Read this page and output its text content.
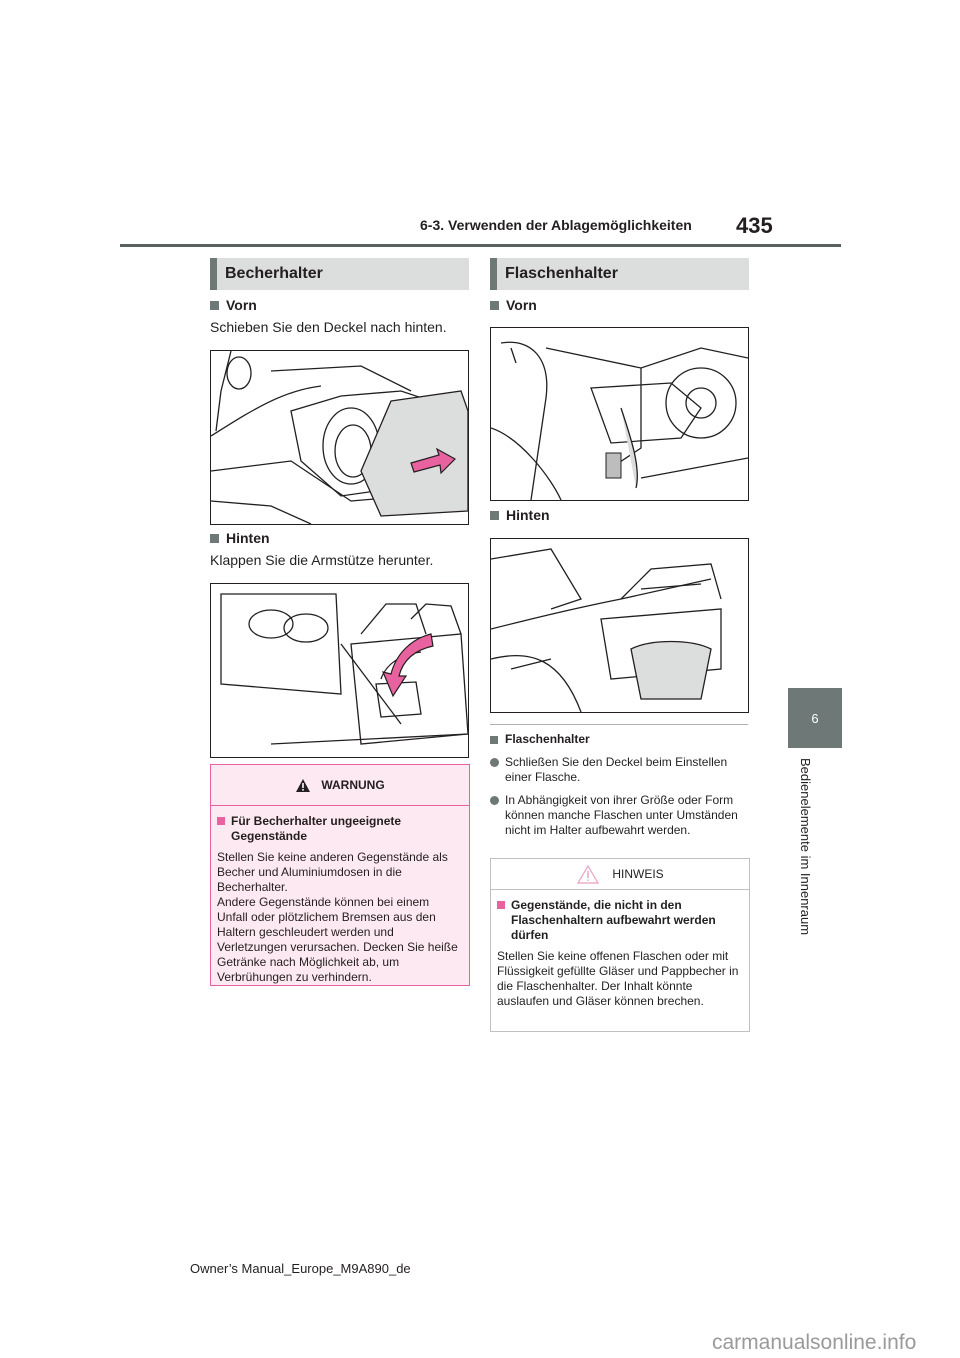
6-3. Verwenden der Ablagemöglichkeiten 435
6
Bedienelemente im Innenraum
Becherhalter
Vorn
Schieben Sie den Deckel nach hinten.
Hinten
Klappen Sie die Armstütze herunter.
WARNUNG
Für Becherhalter ungeeignete Gegenstände
Stellen Sie keine anderen Gegenstände als Becher und Aluminiumdosen in die Becherhalter.
Andere Gegenstände können bei einem Unfall oder plötzlichem Bremsen aus den Haltern geschleudert werden und Verletzungen verursachen. Decken Sie heiße Getränke nach Möglichkeit ab, um Verbrühungen zu verhindern.
Flaschenhalter
Vorn
Hinten
Flaschenhalter
Schließen Sie den Deckel beim Einstellen einer Flasche.
In Abhängigkeit von ihrer Größe oder Form können manche Flaschen unter Umständen nicht im Halter aufbewahrt werden.
HINWEIS
Gegenstände, die nicht in den Flaschenhaltern aufbewahrt werden dürfen
Stellen Sie keine offenen Flaschen oder mit Flüssigkeit gefüllte Gläser und Pappbecher in die Flaschenhalter. Der Inhalt könnte auslaufen und Gläser können brechen.
Owner’s Manual_Europe_M9A890_de
carmanualsonline.info
